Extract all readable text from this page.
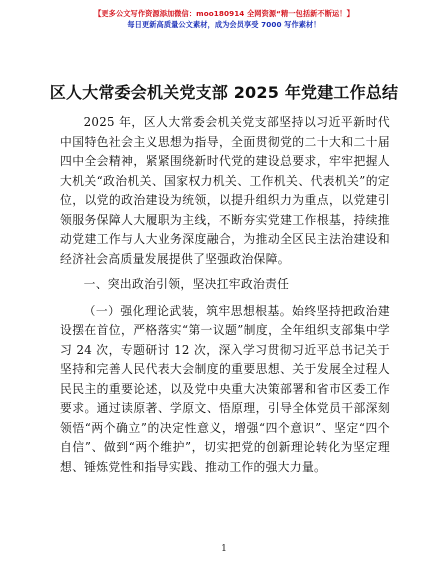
【更多公文写作资源添加微信：moo180914 全网资源“精一包括新不断运！】
每日更新高质量公文素材，成为会员享受 7000 写作素材！
区人大常委会机关党支部 2025 年党建工作总结

2025 年，区人大常委会机关党支部坚持以习近平新时代中国特色社会主义思想为指导，全面贯彻党的二十大和二十届四中全会精神，紧紧围绕新时代党的建设总要求，牢牢把握人大机关“政治机关、国家权力机关、工作机关、代表机关”的定位，以党的政治建设为统领，以提升组织力为重点，以党建引领服务保障人大履职为主线，不断夯实党建工作根基，持续推动党建工作与人大业务深度融合，为推动全区民主法治建设和经济社会高质量发展提供了坚强政治保障。

一、突出政治引领，坚决扛牢政治责任

（一）强化理论武装，筑牢思想根基。始终坚持把政治建设摆在首位，严格落实“第一议题”制度，全年组织支部集中学习 24 次，专题研讨 12 次，深入学习贯彻习近平总书记关于坚持和完善人民代表大会制度的重要思想、关于发展全过程人民民主的重要论述，以及党中央重大决策部署和省市区委工作要求。通过读原著、学原文、悟原理，引导全体党员干部深刻领悟“两个确立”的决定性意义，增强“四个意识”、坚定“四个自信”、做到“两个维护”，切实把党的创新理论转化为坚定理想、锤炼党性和指导实践、推动工作的强大力量。

1
